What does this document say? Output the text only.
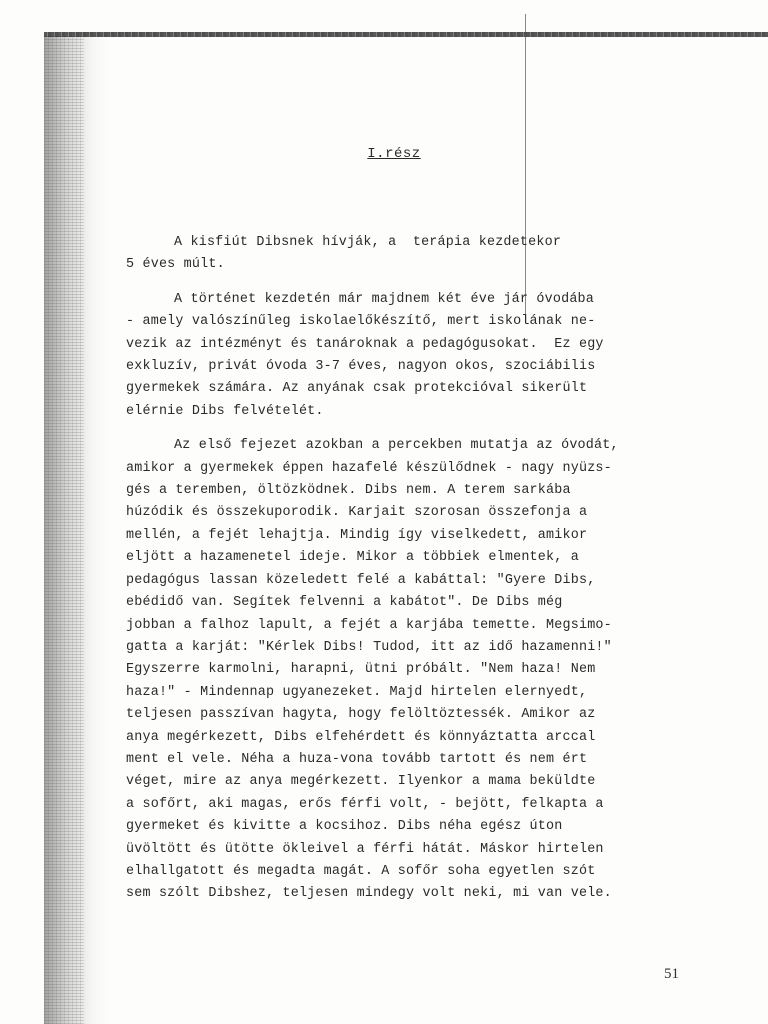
I.rész
A kisfiút Dibsnek hívják, a  terápia kezdetekor
5 éves múlt.
A történet kezdetén már majdnem két éve jár óvodába
- amely valószínűleg iskolaelőkészítő, mert iskolának ne-
vezik az intézményt és tanároknak a pedagógusokat.  Ez egy
exkluzív, privát óvoda 3-7 éves, nagyon okos, szociábilis
gyermekek számára. Az anyának csak protekcióval sikerült
elérnie Dibs felvételét.
Az első fejezet azokban a percekben mutatja az óvodát,
amikor a gyermekek éppen hazafelé készülődnek - nagy nyüzs-
gés a teremben, öltözködnek. Dibs nem. A terem sarkába
húzódik és összekuporodik. Karjait szorosan összefonja a
mellén, a fejét lehajtja. Mindig így viselkedett, amikor
eljött a hazamenetel ideje. Mikor a többiek elmentek, a
pedagógus lassan közeledett felé a kabáttal: "Gyere Dibs,
ebédidő van. Segítek felvenni a kabátot". De Dibs még
jobban a falhoz lapult, a fejét a karjába temette. Megsimo-
gatta a karját: "Kérlek Dibs! Tudod, itt az idő hazamenni!"
Egyszerre karmolni, harapni, ütni próbált. "Nem haza! Nem
haza!" - Mindennap ugyanezeket. Majd hirtelen elernyedt,
teljesen passzívan hagyta, hogy felöltöztessék. Amikor az
anya megérkezett, Dibs elfehérdett és könnyáztatta arccal
ment el vele. Néha a huza-vona tovább tartott és nem ért
véget, mire az anya megérkezett. Ilyenkor a mama beküldte
a sofőrt, aki magas, erős férfi volt, - bejött, felkapta a
gyermeket és kivitte a kocsihoz. Dibs néha egész úton
üvöltött és ütötte ökleivel a férfi hátát. Máskor hirtelen
elhallgatott és megadta magát. A sofőr soha egyetlen szót
sem szólt Dibshez, teljesen mindegy volt neki, mi van vele.
51
